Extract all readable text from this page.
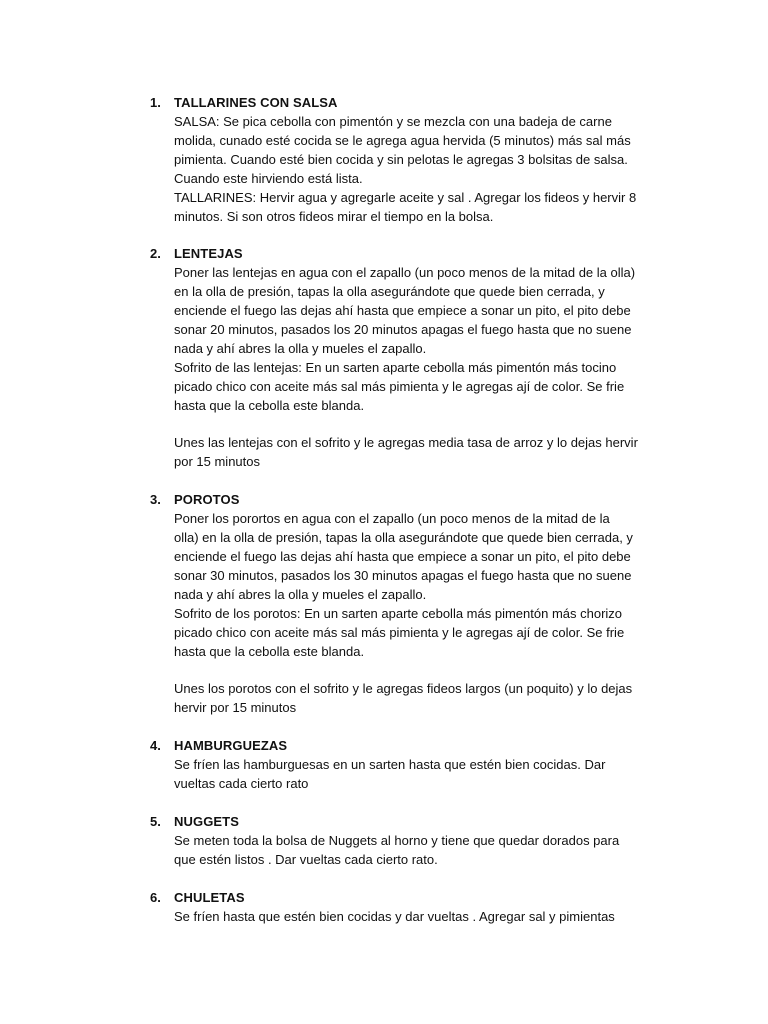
1. TALLARINES CON SALSA
SALSA: Se pica cebolla con pimentón y se mezcla con una badeja de carne
molida, cunado esté cocida se le agrega agua hervida (5 minutos) más sal más
pimienta. Cuando esté bien cocida y sin pelotas le agregas 3 bolsitas de salsa.
Cuando este hirviendo está lista.
TALLARINES: Hervir agua y agregarle aceite y sal . Agregar los fideos y hervir 8
minutos. Si son otros fideos mirar el tiempo en la bolsa.
2. LENTEJAS
Poner las lentejas en agua con el zapallo (un poco menos de la mitad de la olla)
en la olla de presión, tapas la olla asegurándote que quede bien cerrada, y
enciende el fuego las dejas ahí hasta que empiece a sonar un pito, el pito debe
sonar 20 minutos, pasados los 20 minutos apagas el fuego hasta que no suene
nada y ahí abres la olla y mueles el zapallo.
Sofrito de las lentejas: En un sarten aparte cebolla más pimentón más tocino
picado chico con aceite más sal más pimienta y le agregas ají de color. Se frie
hasta que la cebolla este blanda.
Unes las lentejas con el sofrito y le agregas media tasa de arroz y lo dejas hervir
por 15 minutos
3. POROTOS
Poner los porortos en agua con el zapallo (un poco menos de la mitad de la
olla) en la olla de presión, tapas la olla asegurándote que quede bien cerrada, y
enciende el fuego las dejas ahí hasta que empiece a sonar un pito, el pito debe
sonar 30 minutos, pasados los 30 minutos apagas el fuego hasta que no suene
nada y ahí abres la olla y mueles el zapallo.
Sofrito de los porotos: En un sarten aparte cebolla más pimentón más chorizo
picado chico con aceite más sal más pimienta y le agregas ají de color. Se frie
hasta que la cebolla este blanda.
Unes los porotos con el sofrito y le agregas fideos largos (un poquito) y lo dejas
hervir por 15 minutos
4. HAMBURGUEZAS
Se fríen las hamburguesas en un sarten hasta que estén bien cocidas. Dar
vueltas cada cierto rato
5. NUGGETS
Se meten toda la bolsa de Nuggets al horno y tiene que quedar dorados para
que estén listos . Dar vueltas cada cierto rato.
6. CHULETAS
Se fríen hasta que estén bien cocidas y dar vueltas . Agregar sal y pimientas
